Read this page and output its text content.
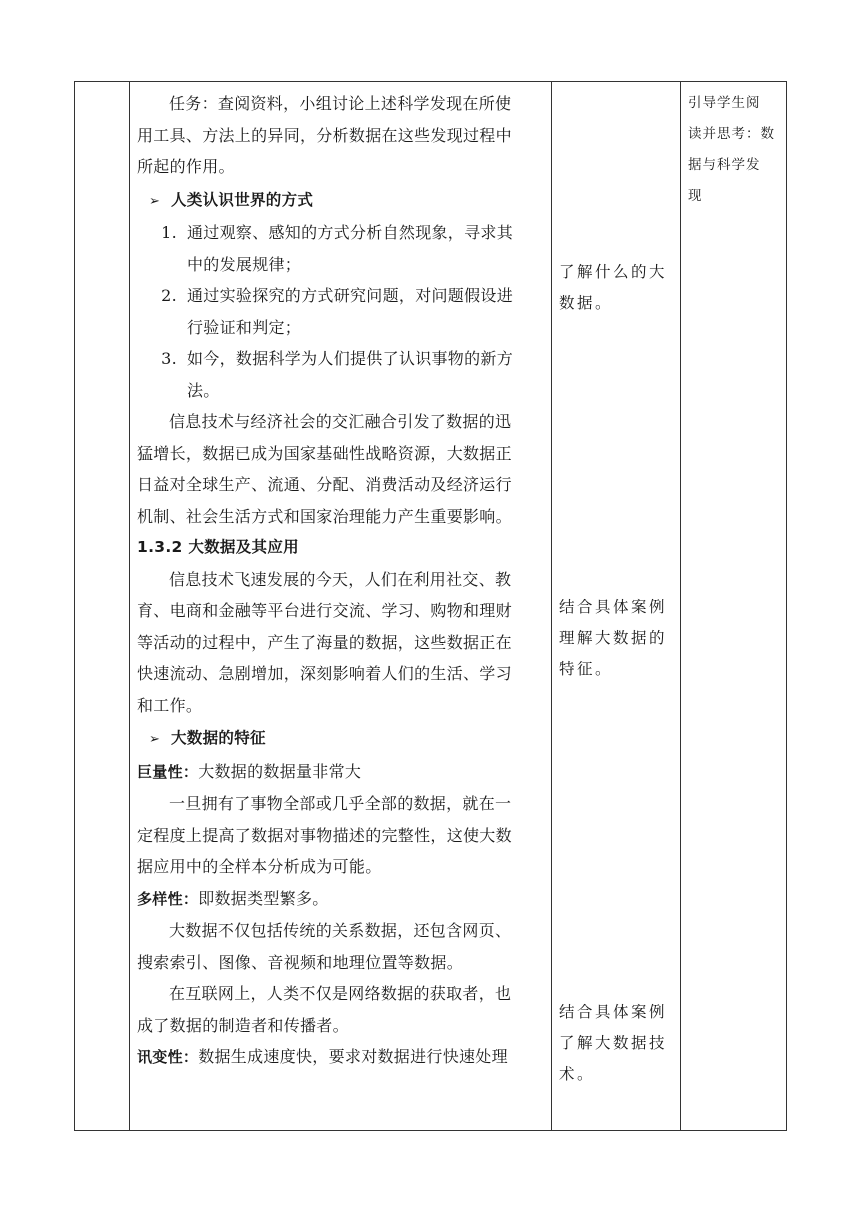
任务：查阅资料，小组讨论上述科学发现在所使
用工具、方法上的异同，分析数据在这些发现过程中
所起的作用。

➢ 人类认识世界的方式

1. 通过观察、感知的方式分析自然现象，寻求其
中的发展规律；
2. 通过实验探究的方式研究问题，对问题假设进
行验证和判定；
3. 如今，数据科学为人们提供了认识事物的新方
法。

信息技术与经济社会的交汇融合引发了数据的迅
猛增长，数据已成为国家基础性战略资源，大数据正
日益对全球生产、流通、分配、消费活动及经济运行
机制、社会生活方式和国家治理能力产生重要影响。

1.3.2 大数据及其应用

信息技术飞速发展的今天，人们在利用社交、教
育、电商和金融等平台进行交流、学习、购物和理财
等活动的过程中，产生了海量的数据，这些数据正在
快速流动、急剧增加，深刻影响着人们的生活、学习
和工作。

➢ 大数据的特征

巨量性：大数据的数据量非常大

一旦拥有了事物全部或几乎全部的数据，就在一
定程度上提高了数据对事物描述的完整性，这使大数
据应用中的全样本分析成为可能。

多样性：即数据类型繁多。

大数据不仅包括传统的关系数据，还包含网页、
搜索索引、图像、音视频和地理位置等数据。

在互联网上，人类不仅是网络数据的获取者，也
成了数据的制造者和传播者。

讯变性：数据生成速度快，要求对数据进行快速处理

了解什么的大
数据。
结合具体案例
理解大数据的
特征。
结合具体案例
了解大数据技
术。
引导学生阅
读并思考：数
据与科学发
现
